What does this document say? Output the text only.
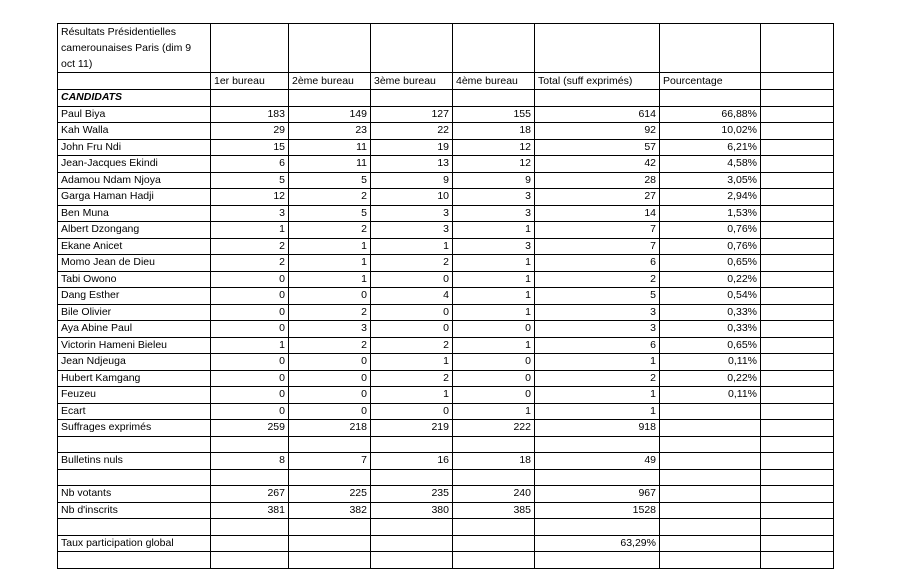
Résultats Présidentielles camerounaises Paris (dim 9 oct 11)							
	1er bureau	2ème bureau	3ème bureau	4ème bureau	Total (suff exprimés)	Pourcentage	
CANDIDATS							
Paul Biya	183	149	127	155	614	66,88%	
Kah Walla	29	23	22	18	92	10,02%	
John Fru Ndi	15	11	19	12	57	6,21%	
Jean-Jacques Ekindi	6	11	13	12	42	4,58%	
Adamou Ndam Njoya	5	5	9	9	28	3,05%	
Garga Haman Hadji	12	2	10	3	27	2,94%	
Ben Muna	3	5	3	3	14	1,53%	
Albert Dzongang	1	2	3	1	7	0,76%	
Ekane Anicet	2	1	1	3	7	0,76%	
Momo Jean de Dieu	2	1	2	1	6	0,65%	
Tabi Owono	0	1	0	1	2	0,22%	
Dang Esther	0	0	4	1	5	0,54%	
Bile Olivier	0	2	0	1	3	0,33%	
Aya Abine Paul	0	3	0	0	3	0,33%	
Victorin Hameni Bieleu	1	2	2	1	6	0,65%	
Jean Ndjeuga	0	0	1	0	1	0,11%	
Hubert Kamgang	0	0	2	0	2	0,22%	
Feuzeu	0	0	1	0	1	0,11%	
Ecart	0	0	0	1	1		
Suffrages exprimés	259	218	219	222	918		

Bulletins nuls	8	7	16	18	49		

Nb votants	267	225	235	240	967		
Nb d'inscrits	381	382	380	385	1528		

Taux participation global					63,29%		
